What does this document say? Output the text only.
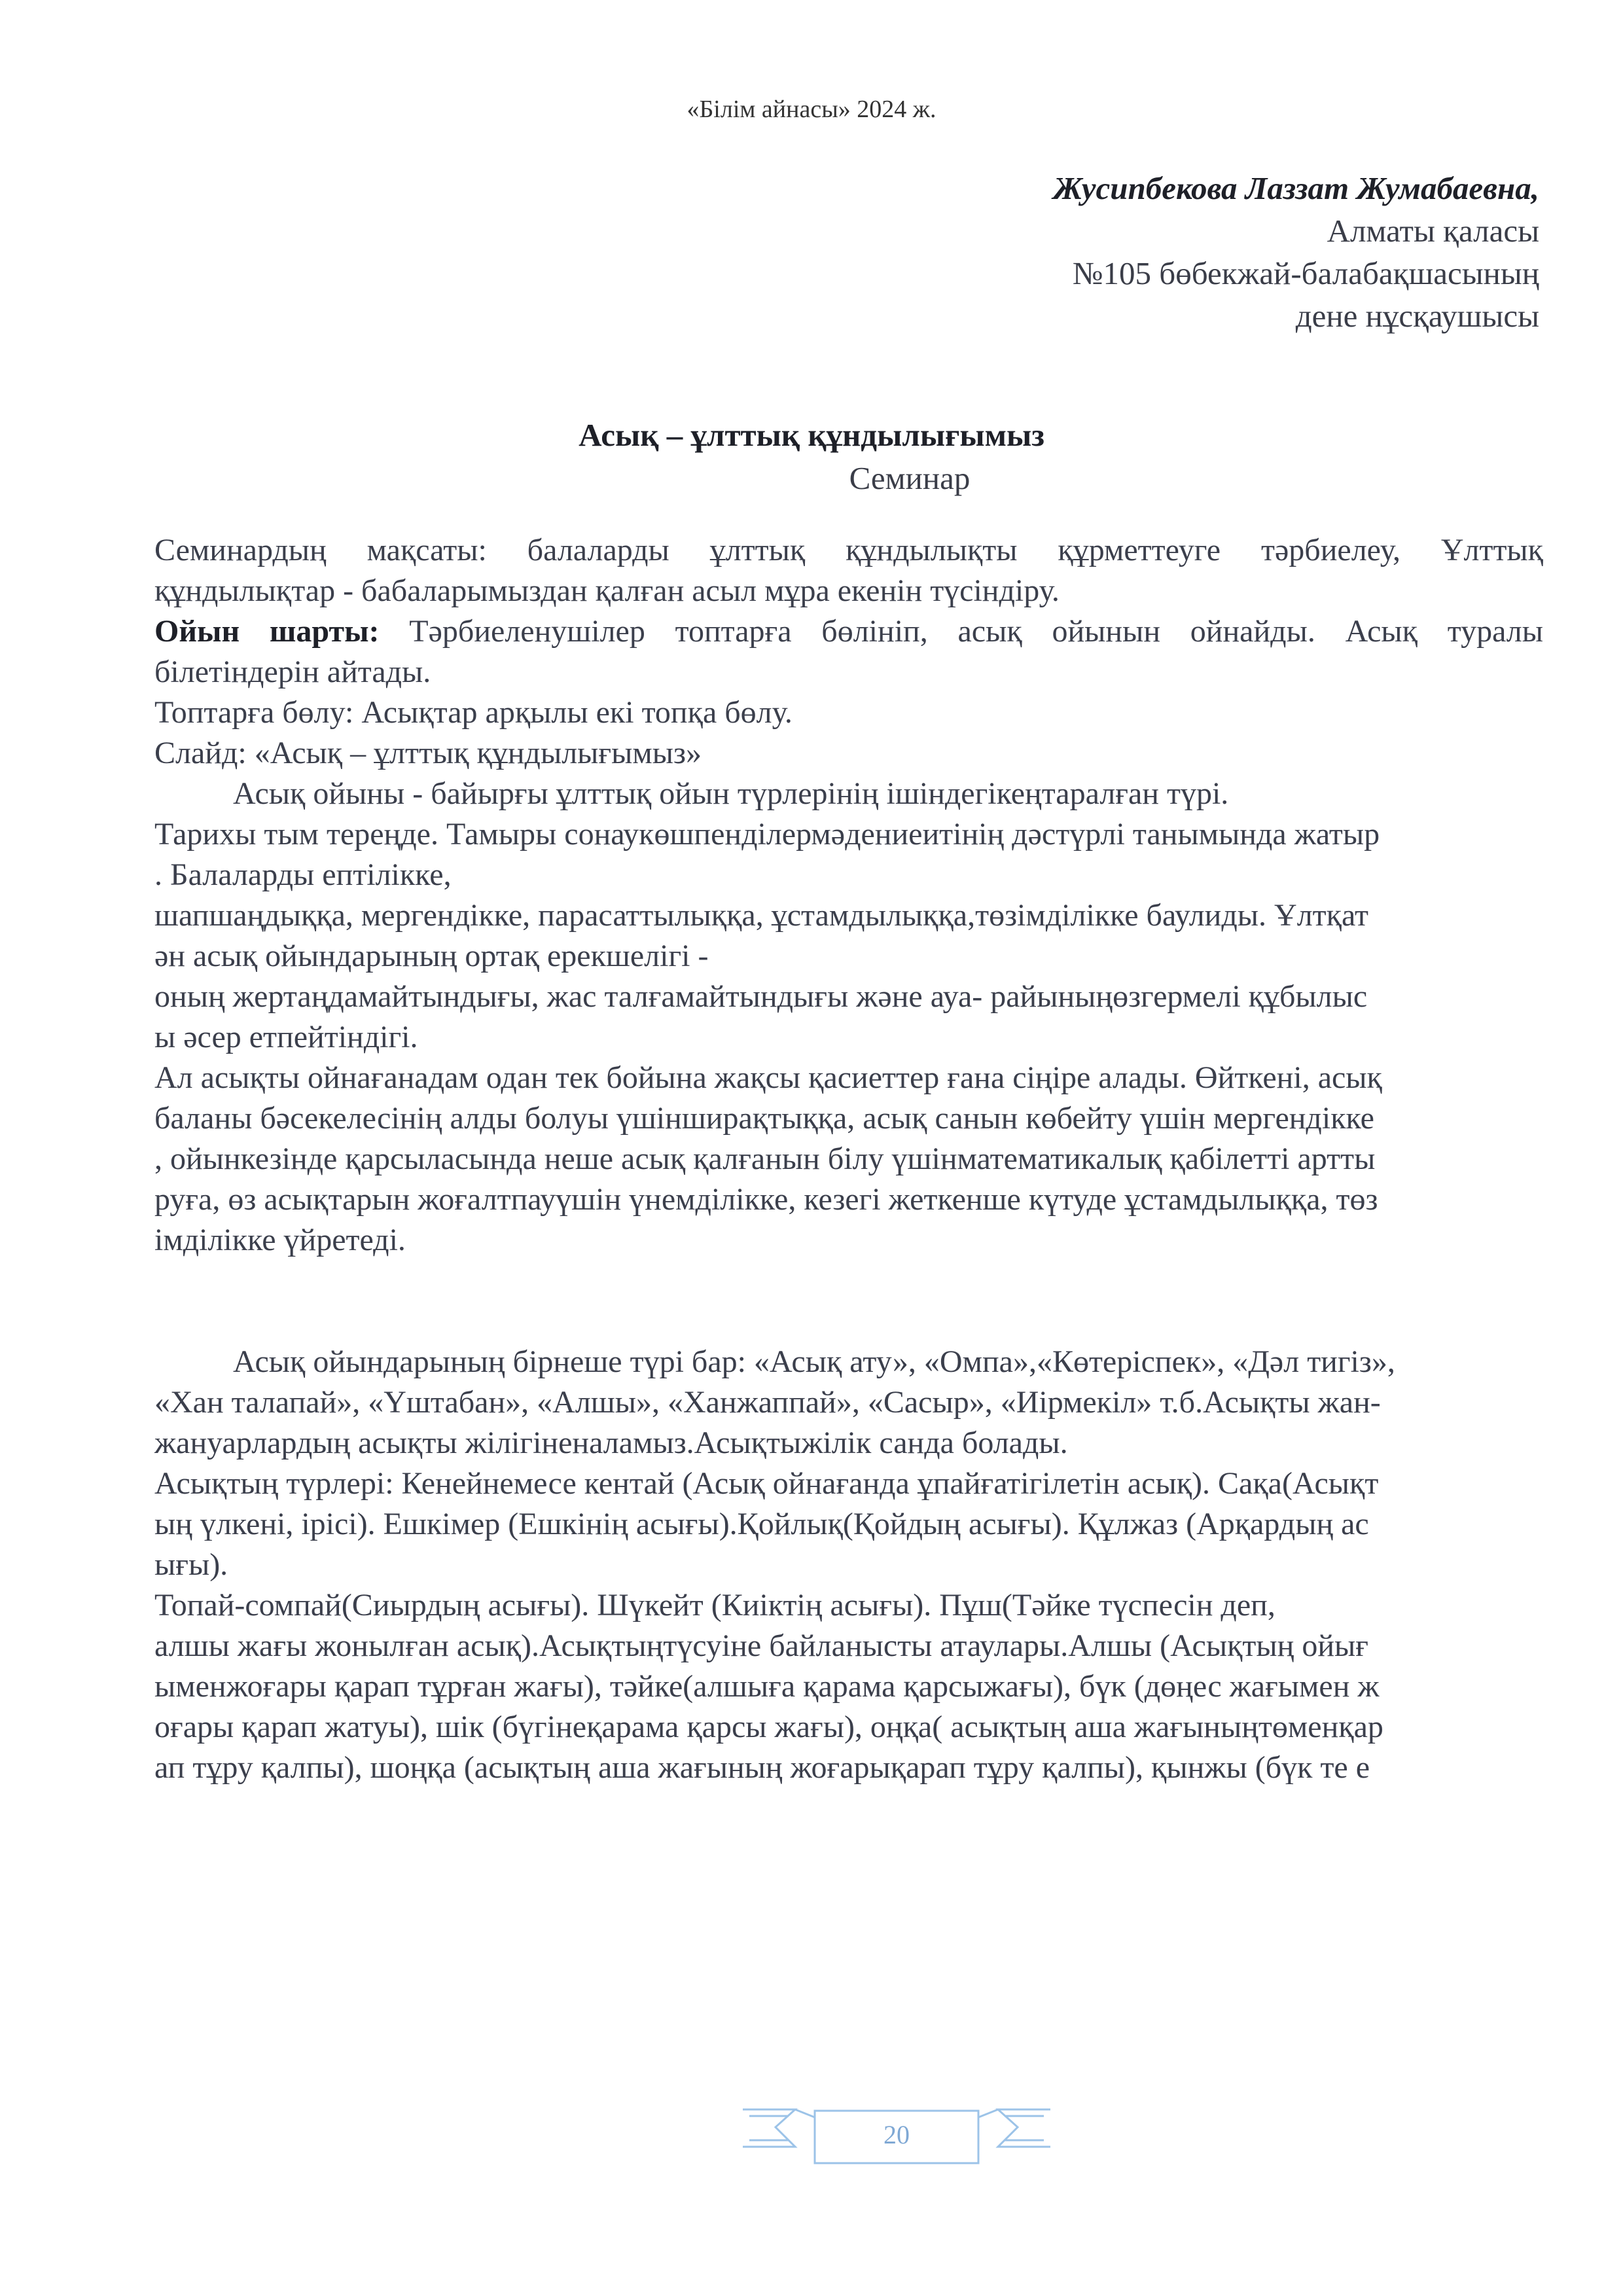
«Білім айнасы» 2024 ж.
Жусипбекова Лаззат Жумабаевна,
Алматы қаласы
№105 бөбекжай-балабақшасының
дене нұсқаушысы
Асық – ұлттық құндылығымыз
Семинар

Семинардың мақсаты: балаларды ұлттық құндылықты құрметтеуге тәрбиелеу, Ұлттық

құндылықтар - бабаларымыздан қалған асыл мұра екенін түсіндіру.

Ойын шарты: Тәрбиеленушілер топтарға бөлініп, асық ойынын ойнайды. Асық туралы

білетіндерін айтады.

Топтарға бөлу: Асықтар арқылы екі топқа бөлу.

Слайд: «Асық – ұлттық құндылығымыз»

Асық ойыны - байырғы ұлттық ойын түрлерінің ішіндегікеңтаралған түрі.

Тарихы тым тереңде. Тамыры сонаукөшпенділермәдениеитінің дәстүрлі танымында жатыр

. Балаларды ептілікке,

шапшаңдыққа, мергендікке, парасаттылыққа, ұстамдылыққа,төзімділікке баулиды. Ұлтқат

ән асық ойындарының ортақ ерекшелігі -

оның жертаңдамайтындығы, жас талғамайтындығы және ауа- райыныңөзгермелі құбылыс

ы әсер етпейтіндігі.

Ал асықты ойнағанадам одан тек бойына жақсы қасиеттер ғана сіңіре алады. Өйткені, асық

баланы бәсекелесінің алды болуы үшінширақтыққа, асық санын көбейту үшін мергендікке

, ойынкезінде қарсыласында неше асық қалғанын білу үшінматематикалық қабілетті артты

руға, өз асықтарын жоғалтпауүшін үнемділікке, кезегі жеткенше күтуде ұстамдылыққа, төз

імділікке үйретеді.

Асық ойындарының бірнеше түрі бар: «Асық ату», «Омпа»,«Көтеріспек», «Дәл тигіз»,

«Хан талапай», «Үштабан», «Алшы», «Ханжаппай», «Сасыр», «Иірмекіл» т.б.Асықты жан-

жануарлардың асықты жілігіненаламыз.Асықтыжілік санда болады.

Асықтың түрлері: Кенейнемесе кентай (Асық ойнағанда ұпайғатігілетін асық). Сақа(Асықт

ың үлкені, ірісі). Ешкімер (Ешкінің асығы).Қойлық(Қойдың асығы). Құлжаз (Арқардың ас

ығы).

Топай-сомпай(Сиырдың асығы). Шүкейт (Киіктің асығы). Пұш(Тәйке түспесін деп,

алшы жағы жонылған асық).Асықтыңтүсуіне байланысты атаулары.Алшы (Асықтың ойығ

ыменжоғары қарап тұрған жағы), тәйке(алшыға қарама қарсыжағы), бүк (дөңес жағымен ж

оғары қарап жатуы), шік (бүгінеқарама қарсы жағы), оңқа( асықтың аша жағыныңтөменқар

ап тұру қалпы), шоңқа (асықтың аша жағының жоғарықарап тұру қалпы), қынжы (бүк те е

20
